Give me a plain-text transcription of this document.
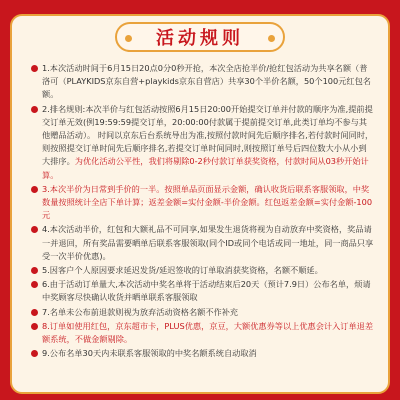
活动规则
1.本次活动时间于6月15日20点0分0秒开抢，本次全店抢半价/抢红包活动为共享名额（普洛可（PLAYKIDS京东自营+playkids京东自营店）共享30个半价名额，50个100元红包名额。
2.排名规则:本次半价与红包活动按照6月15日20:00开始提交订单并付款的顺序为准,提前提交订单无效(例19:59:59提交订单，20:00:00付款属于提前提交订单,此类订单均不参与其他赠品活动）。 时间以京东后台系统导出为准,按照付款时间先后顺序排名,若付款时间同时，则按照提交订单时间先后顺序排名,若提交订单时间同时,则按照订单号后四位数大小从小到大排序。为优化活动公平性，我们将剔除0-2秒付款订单获奖资格，付款时间从03秒开始计算。
3.本次半价为日常到手价的一半。按照单品页面显示金额，确认收货后联系客服领取，中奖数量按照统计全店下单计算；返差金额=实付金额-半价金额。红包返差金额=实付金额-100元
4.本次活动半价，红包和大额礼品不可同享,如果发生退货将视为自动放弃中奖资格，奖品请一并退回，所有奖品需要晒单后联系客服领取(同个ID或同个电话或同一地址，同一商品只享受一次半价优惠)。
5.因客户个人原因要求延迟发货/延迟签收的订单取消获奖资格，名额不顺延。
6.由于活动订单量大,本次活动中奖名单将于活动结束后20天（预计7.9日）公布名单，烦请中奖顾客尽快确认收货并晒单联系客服领取
7.名单未公布前退款则视为放弃活动资格名额不作补充
8.订单如使用红包，京东超市卡，PLUS优惠，京豆，大额优惠券等以上优惠会计入订单退差额系统，不做金额剔除。
9.公布名单30天内未联系客服领取的中奖名额系统自动取消
